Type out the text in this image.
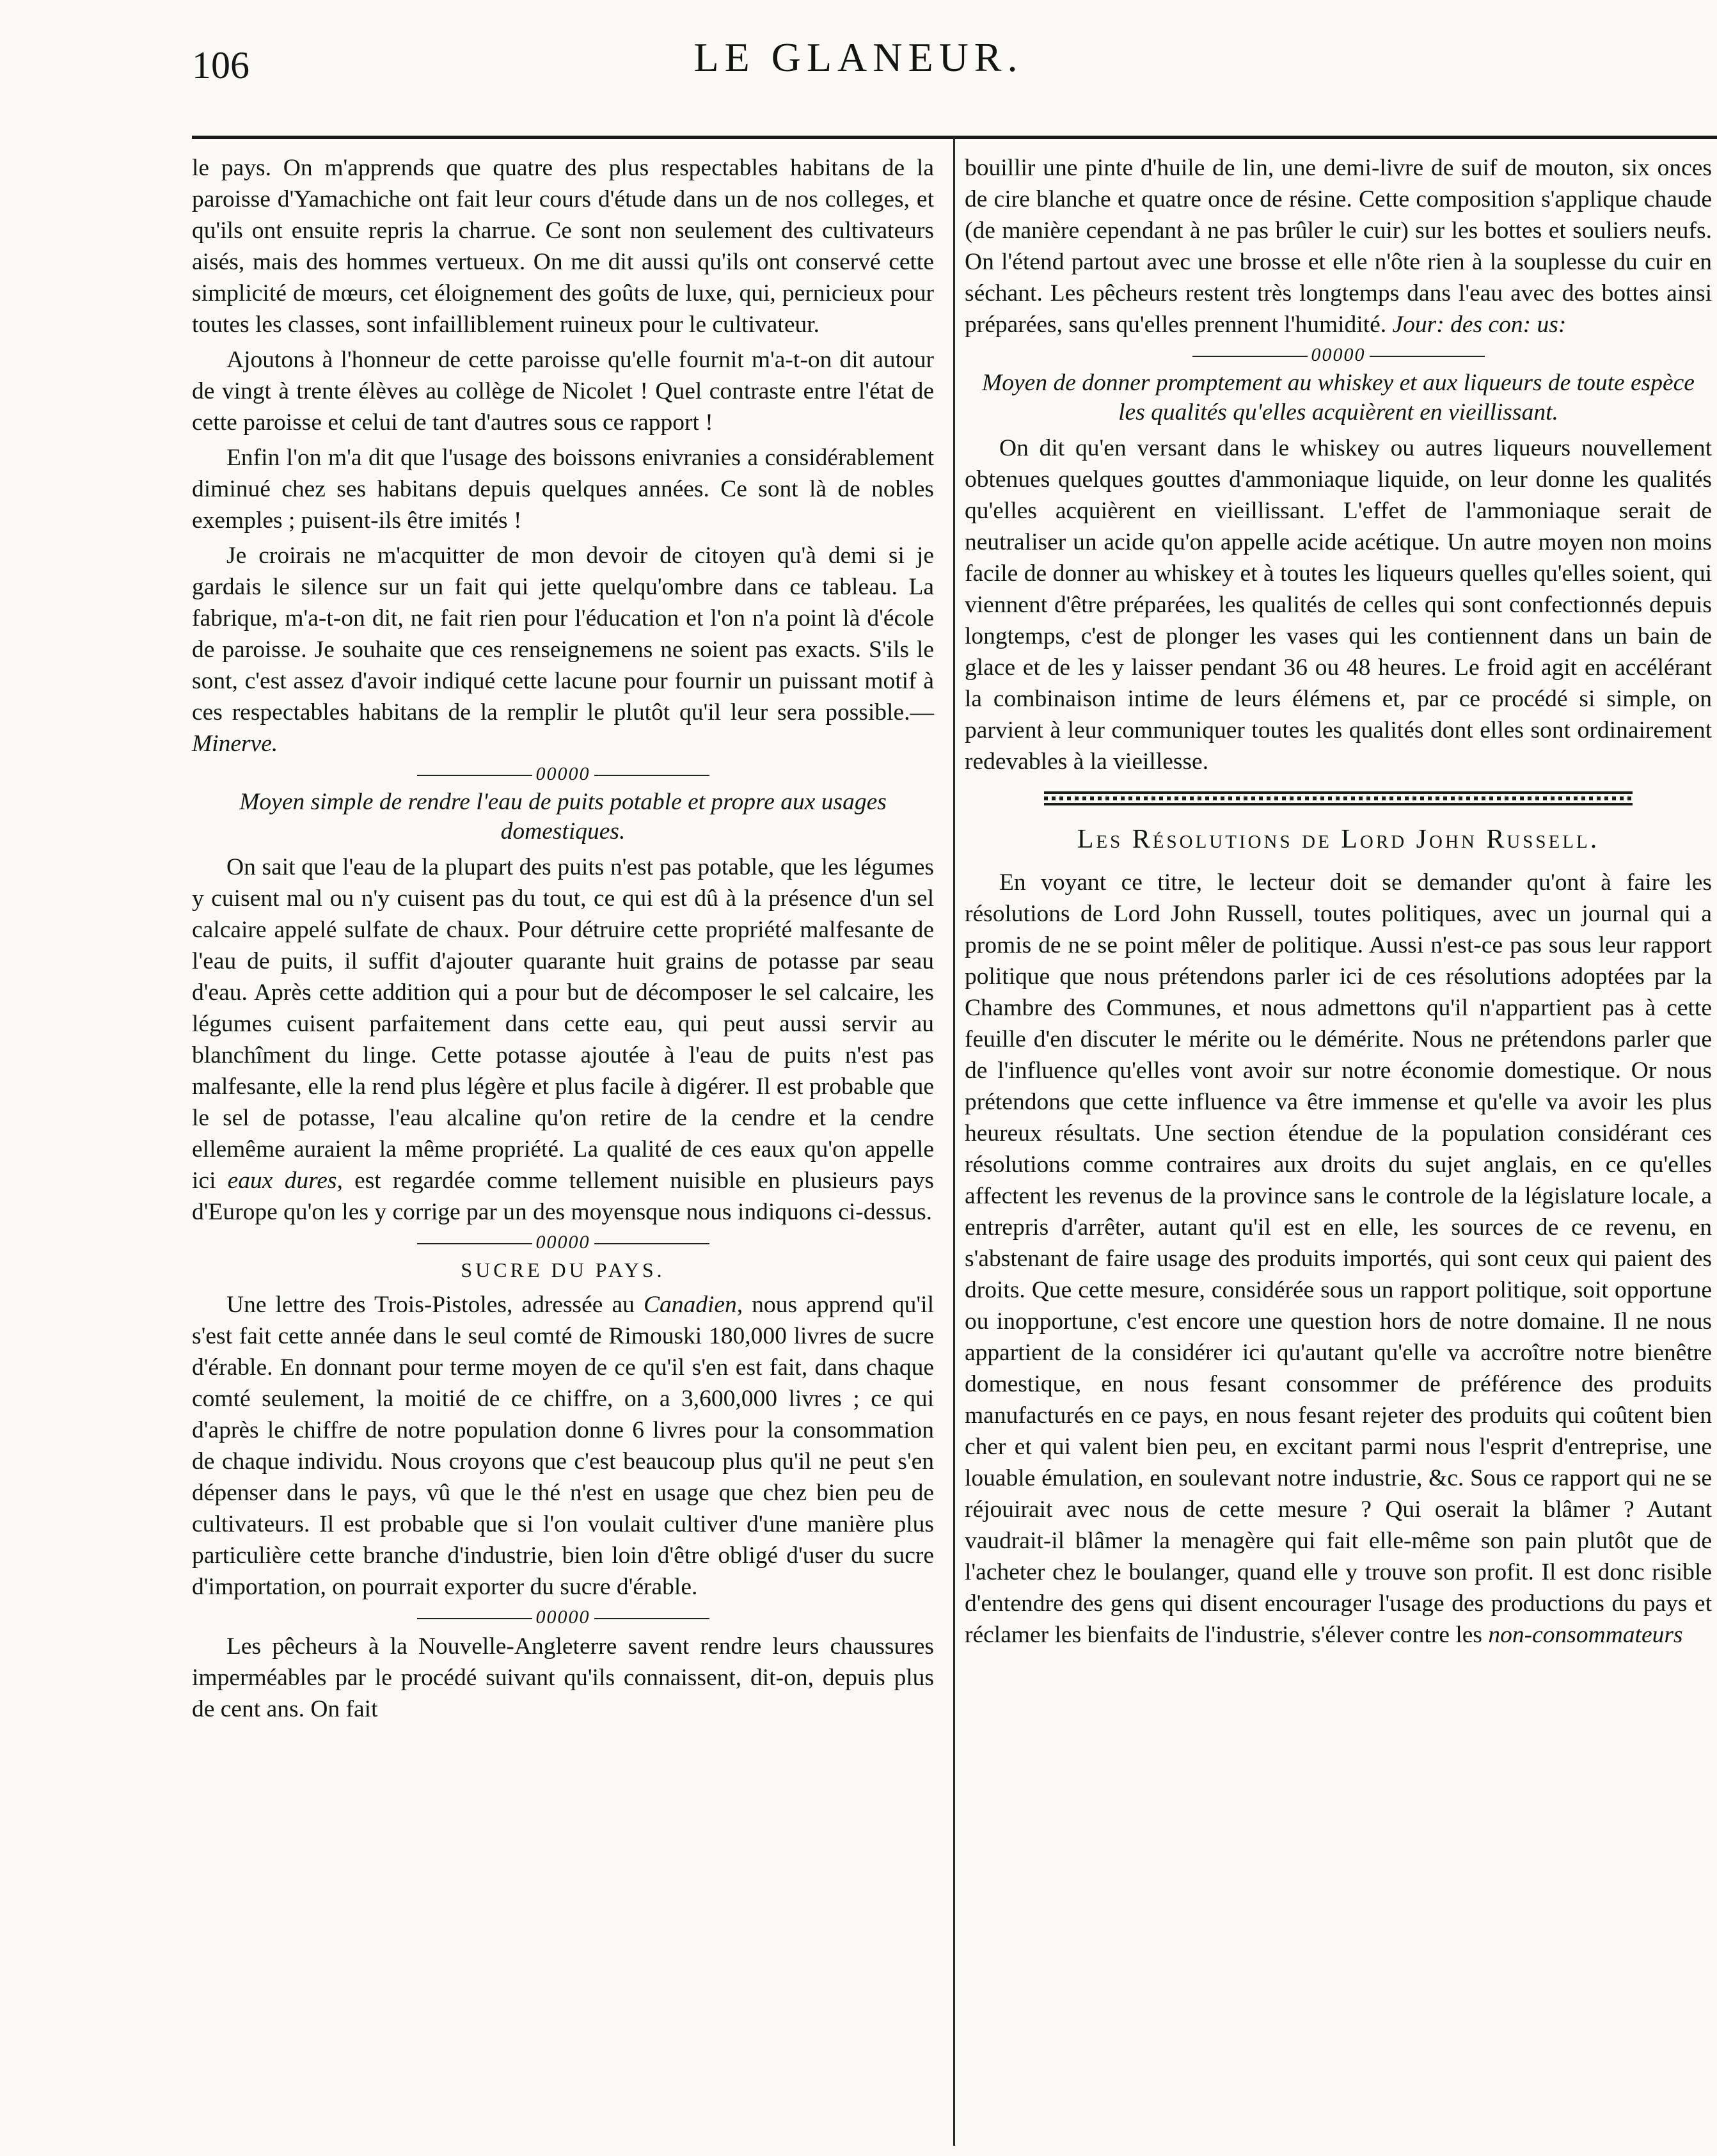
106	LE GLANEUR.

le pays. On m'apprends que quatre des plus respectables habitans de la paroisse d'Yamachiche ont fait leur cours d'étude dans un de nos colleges, et qu'ils ont ensuite repris la charrue. Ce sont non seulement des cultivateurs aisés, mais des hommes vertueux. On me dit aussi qu'ils ont conservé cette simplicité de mœurs, cet éloignement des goûts de luxe, qui, pernicieux pour toutes les classes, sont infailliblement ruineux pour le cultivateur.

Ajoutons à l'honneur de cette paroisse qu'elle fournit m'a-t-on dit autour de vingt à trente élèves au collège de Nicolet ! Quel contraste entre l'état de cette paroisse et celui de tant d'autres sous ce rapport !

Enfin l'on m'a dit que l'usage des boissons enivranies a considérablement diminué chez ses habitans depuis quelques années. Ce sont là de nobles exemples ; puisent-ils être imités !

Je croirais ne m'acquitter de mon devoir de citoyen qu'à demi si je gardais le silence sur un fait qui jette quelqu'ombre dans ce tableau. La fabrique, m'a-t-on dit, ne fait rien pour l'éducation et l'on n'a point là d'école de paroisse. Je souhaite que ces renseignemens ne soient pas exacts. S'ils le sont, c'est assez d'avoir indiqué cette lacune pour fournir un puissant motif à ces respectables habitans de la remplir le plutôt qu'il leur sera possible.—Minerve.

00000
Moyen simple de rendre l'eau de puits potable et propre aux usages domestiques.

On sait que l'eau de la plupart des puits n'est pas potable, que les légumes y cuisent mal ou n'y cuisent pas du tout, ce qui est dû à la présence d'un sel calcaire appelé sulfate de chaux. Pour détruire cette propriété malfesante de l'eau de puits, il suffit d'ajouter quarante huit grains de potasse par seau d'eau. Après cette addition qui a pour but de décomposer le sel calcaire, les légumes cuisent parfaitement dans cette eau, qui peut aussi servir au blanchîment du linge. Cette potasse ajoutée à l'eau de puits n'est pas malfesante, elle la rend plus légère et plus facile à digérer. Il est probable que le sel de potasse, l'eau alcaline qu'on retire de la cendre et la cendre ellemême auraient la même propriété. La qualité de ces eaux qu'on appelle ici eaux dures, est regardée comme tellement nuisible en plusieurs pays d'Europe qu'on les y corrige par un des moyensque nous indiquons ci-dessus.

00000
SUCRE DU PAYS.

Une lettre des Trois-Pistoles, adressée au Canadien, nous apprend qu'il s'est fait cette année dans le seul comté de Rimouski 180,000 livres de sucre d'érable. En donnant pour terme moyen de ce qu'il s'en est fait, dans chaque comté seulement, la moitié de ce chiffre, on a 3,600,000 livres ; ce qui d'après le chiffre de notre population donne 6 livres pour la consommation de chaque individu. Nous croyons que c'est beaucoup plus qu'il ne peut s'en dépenser dans le pays, vû que le thé n'est en usage que chez bien peu de cultivateurs. Il est probable que si l'on voulait cultiver d'une manière plus particulière cette branche d'industrie, bien loin d'être obligé d'user du sucre d'importation, on pourrait exporter du sucre d'érable.

00000

Les pêcheurs à la Nouvelle-Angleterre savent rendre leurs chaussures imperméables par le procédé suivant qu'ils connaissent, dit-on, depuis plus de cent ans. On fait

bouillir une pinte d'huile de lin, une demi-livre de suif de mouton, six onces de cire blanche et quatre once de résine. Cette composition s'applique chaude (de manière cependant à ne pas brûler le cuir) sur les bottes et souliers neufs. On l'étend partout avec une brosse et elle n'ôte rien à la souplesse du cuir en séchant. Les pêcheurs restent très longtemps dans l'eau avec des bottes ainsi préparées, sans qu'elles prennent l'humidité. Jour: des con: us:

00000
Moyen de donner promptement au whiskey et aux liqueurs de toute espèce les qualités qu'elles acquièrent en vieillissant.

On dit qu'en versant dans le whiskey ou autres liqueurs nouvellement obtenues quelques gouttes d'ammoniaque liquide, on leur donne les qualités qu'elles acquièrent en vieillissant. L'effet de l'ammoniaque serait de neutraliser un acide qu'on appelle acide acétique. Un autre moyen non moins facile de donner au whiskey et à toutes les liqueurs quelles qu'elles soient, qui viennent d'être préparées, les qualités de celles qui sont confectionnés depuis longtemps, c'est de plonger les vases qui les contiennent dans un bain de glace et de les y laisser pendant 36 ou 48 heures. Le froid agit en accélérant la combinaison intime de leurs élémens et, par ce procédé si simple, on parvient à leur communiquer toutes les qualités dont elles sont ordinairement redevables à la vieillesse.

Les Résolutions de Lord John Russell.

En voyant ce titre, le lecteur doit se demander qu'ont à faire les résolutions de Lord John Russell, toutes politiques, avec un journal qui a promis de ne se point mêler de politique. Aussi n'est-ce pas sous leur rapport politique que nous prétendons parler ici de ces résolutions adoptées par la Chambre des Communes, et nous admettons qu'il n'appartient pas à cette feuille d'en discuter le mérite ou le démérite. Nous ne prétendons parler que de l'influence qu'elles vont avoir sur notre économie domestique. Or nous prétendons que cette influence va être immense et qu'elle va avoir les plus heureux résultats. Une section étendue de la population considérant ces résolutions comme contraires aux droits du sujet anglais, en ce qu'elles affectent les revenus de la province sans le controle de la législature locale, a entrepris d'arrêter, autant qu'il est en elle, les sources de ce revenu, en s'abstenant de faire usage des produits importés, qui sont ceux qui paient des droits. Que cette mesure, considérée sous un rapport politique, soit opportune ou inopportune, c'est encore une question hors de notre domaine. Il ne nous appartient de la considérer ici qu'autant qu'elle va accroître notre bienêtre domestique, en nous fesant consommer de préférence des produits manufacturés en ce pays, en nous fesant rejeter des produits qui coûtent bien cher et qui valent bien peu, en excitant parmi nous l'esprit d'entreprise, une louable émulation, en soulevant notre industrie, &c. Sous ce rapport qui ne se réjouirait avec nous de cette mesure ? Qui oserait la blâmer ? Autant vaudrait-il blâmer la menagère qui fait elle-même son pain plutôt que de l'acheter chez le boulanger, quand elle y trouve son profit. Il est donc risible d'entendre des gens qui disent encourager l'usage des productions du pays et réclamer les bienfaits de l'industrie, s'élever contre les non-consommateurs
